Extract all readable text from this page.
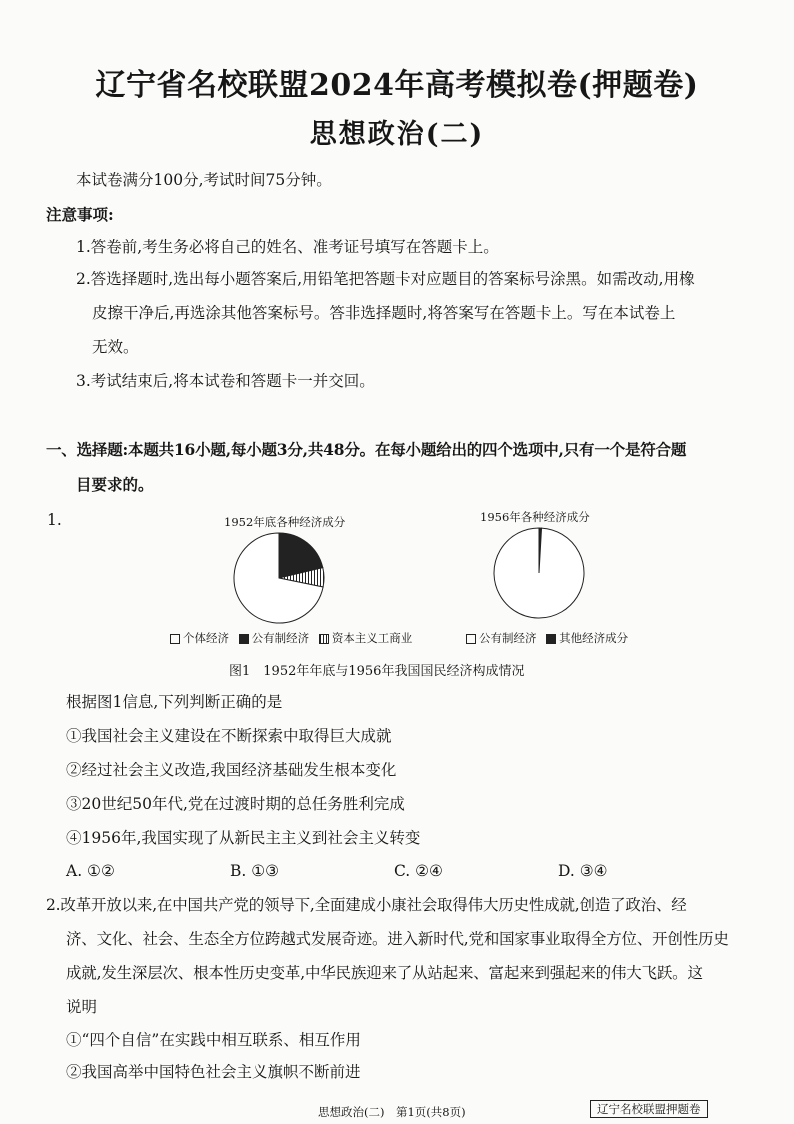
辽宁省名校联盟2024年高考模拟卷(押题卷)
思想政治(二)
本试卷满分100分,考试时间75分钟。
注意事项:
1.答卷前,考生务必将自己的姓名、准考证号填写在答题卡上。
2.答选择题时,选出每小题答案后,用铅笔把答题卡对应题目的答案标号涂黑。如需改动,用橡
皮擦干净后,再选涂其他答案标号。答非选择题时,将答案写在答题卡上。写在本试卷上
无效。
3.考试结束后,将本试卷和答题卡一并交回。
一、选择题:本题共16小题,每小题3分,共48分。在每小题给出的四个选项中,只有一个是符合题
目要求的。
1.	1952年底各种经济成分
个体经济 公有制经济 资本主义工商业
1956年各种经济成分
公有制经济 其他经济成分
图1　1952年年底与1956年我国国民经济构成情况
根据图1信息,下列判断正确的是
①我国社会主义建设在不断探索中取得巨大成就
②经过社会主义改造,我国经济基础发生根本变化
③20世纪50年代,党在过渡时期的总任务胜利完成
④1956年,我国实现了从新民主主义到社会主义转变
A. ①②	B. ①③	C. ②④	D. ③④
2.改革开放以来,在中国共产党的领导下,全面建成小康社会取得伟大历史性成就,创造了政治、经
济、文化、社会、生态全方位跨越式发展奇迹。进入新时代,党和国家事业取得全方位、开创性历史
成就,发生深层次、根本性历史变革,中华民族迎来了从站起来、富起来到强起来的伟大飞跃。这
说明
①“四个自信”在实践中相互联系、相互作用
②我国高举中国特色社会主义旗帜不断前进
思想政治(二)　第1页(共8页)	辽宁名校联盟押题卷
